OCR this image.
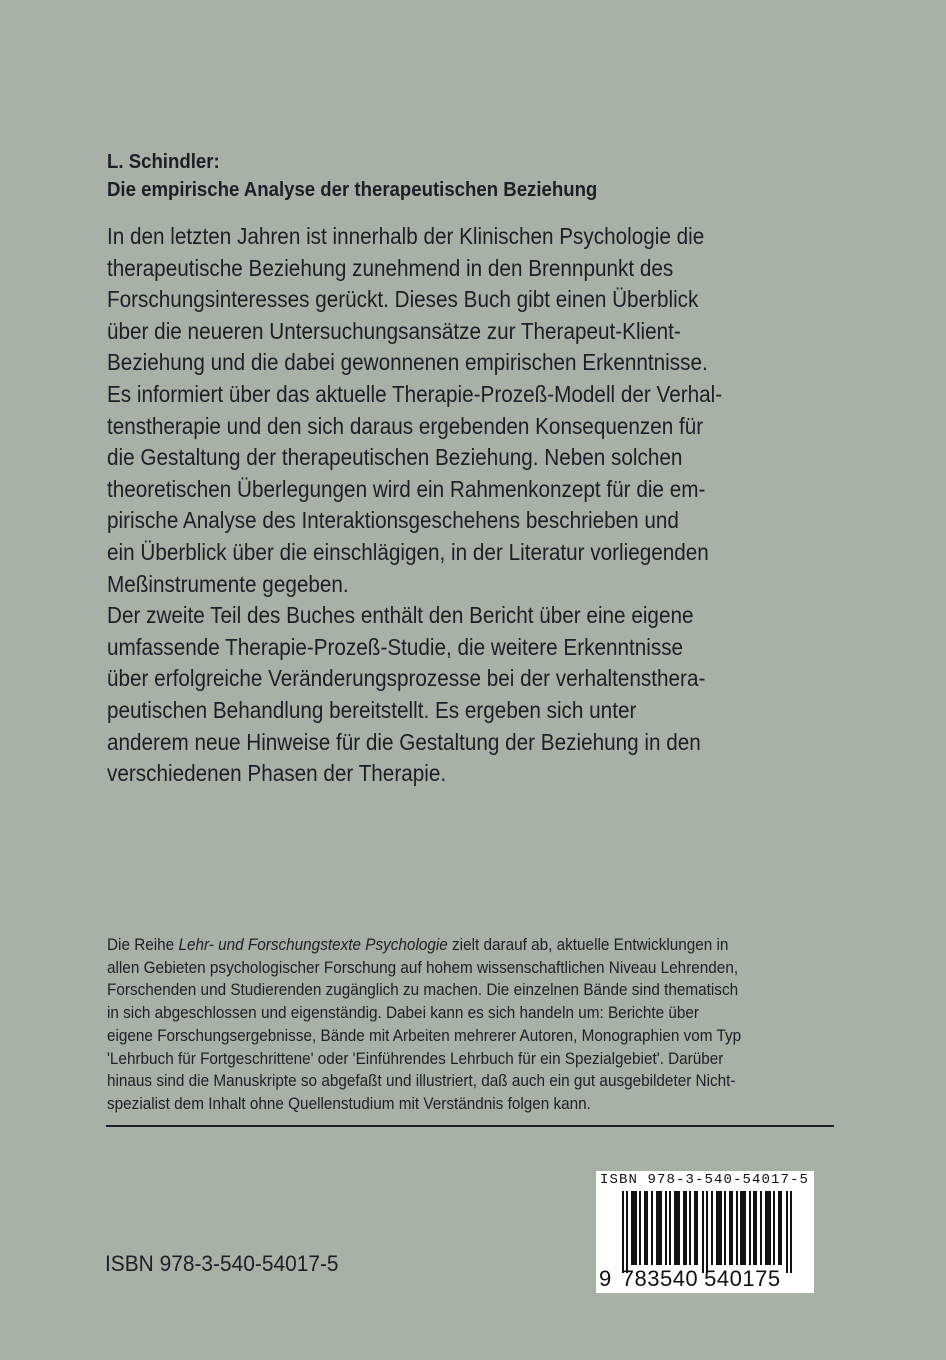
L. Schindler:
Die empirische Analyse der therapeutischen Beziehung
In den letzten Jahren ist innerhalb der Klinischen Psychologie die
therapeutische Beziehung zunehmend in den Brennpunkt des
Forschungsinteresses gerückt. Dieses Buch gibt einen Überblick
über die neueren Untersuchungsansätze zur Therapeut-Klient-
Beziehung und die dabei gewonnenen empirischen Erkenntnisse.
Es informiert über das aktuelle Therapie-Prozeß-Modell der Verhal-
tenstherapie und den sich daraus ergebenden Konsequenzen für
die Gestaltung der therapeutischen Beziehung. Neben solchen
theoretischen Überlegungen wird ein Rahmenkonzept für die em-
pirische Analyse des Interaktionsgeschehens beschrieben und
ein Überblick über die einschlägigen, in der Literatur vorliegenden
Meßinstrumente gegeben.
Der zweite Teil des Buches enthält den Bericht über eine eigene
umfassende Therapie-Prozeß-Studie, die weitere Erkenntnisse
über erfolgreiche Veränderungsprozesse bei der verhaltensthera-
peutischen Behandlung bereitstellt. Es ergeben sich unter
anderem neue Hinweise für die Gestaltung der Beziehung in den
verschiedenen Phasen der Therapie.
Die Reihe Lehr- und Forschungstexte Psychologie zielt darauf ab, aktuelle Entwicklungen in
allen Gebieten psychologischer Forschung auf hohem wissenschaftlichen Niveau Lehrenden,
Forschenden und Studierenden zugänglich zu machen. Die einzelnen Bände sind thematisch
in sich abgeschlossen und eigenständig. Dabei kann es sich handeln um: Berichte über
eigene Forschungsergebnisse, Bände mit Arbeiten mehrerer Autoren, Monographien vom Typ
'Lehrbuch für Fortgeschrittene' oder 'Einführendes Lehrbuch für ein Spezialgebiet'. Darüber
hinaus sind die Manuskripte so abgefaßt und illustriert, daß auch ein gut ausgebildeter Nicht-
spezialist dem Inhalt ohne Quellenstudium mit Verständnis folgen kann.
ISBN 978-3-540-54017-5
ISBN 978-3-540-54017-5
9 783540 540175
